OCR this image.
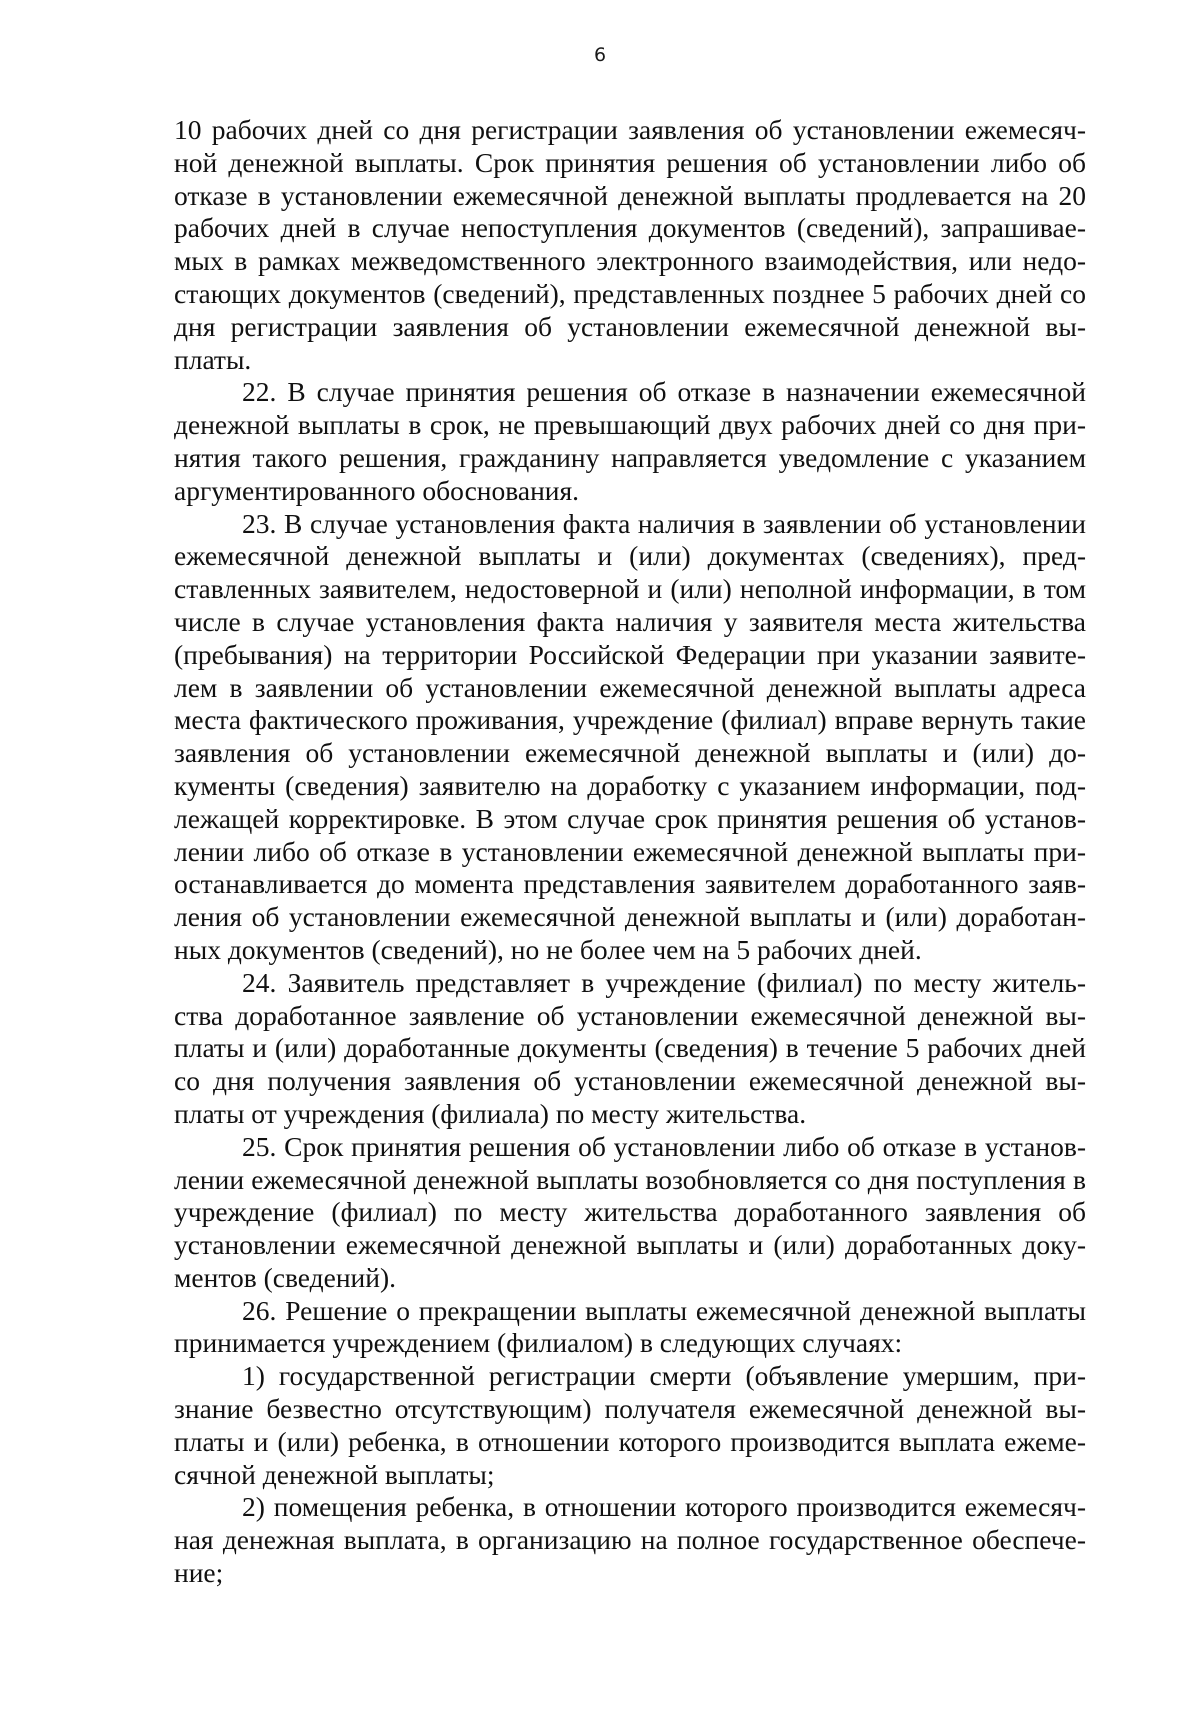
6

10 рабочих дней со дня регистрации заявления об установлении ежемесячной денежной выплаты. Срок принятия решения об установлении либо об отказе в установлении ежемесячной денежной выплаты продлевается на 20 рабочих дней в случае непоступления документов (сведений), запрашиваемых в рамках межведомственного электронного взаимодействия, или недостающих документов (сведений), представленных позднее 5 рабочих дней со дня регистрации заявления об установлении ежемесячной денежной выплаты.

22. В случае принятия решения об отказе в назначении ежемесячной денежной выплаты в срок, не превышающий двух рабочих дней со дня принятия такого решения, гражданину направляется уведомление с указанием аргументированного обоснования.

23. В случае установления факта наличия в заявлении об установлении ежемесячной денежной выплаты и (или) документах (сведениях), представленных заявителем, недостоверной и (или) неполной информации, в том числе в случае установления факта наличия у заявителя места жительства (пребывания) на территории Российской Федерации при указании заявителем в заявлении об установлении ежемесячной денежной выплаты адреса места фактического проживания, учреждение (филиал) вправе вернуть такие заявления об установлении ежемесячной денежной выплаты и (или) документы (сведения) заявителю на доработку с указанием информации, подлежащей корректировке. В этом случае срок принятия решения об установлении либо об отказе в установлении ежемесячной денежной выплаты приостанавливается до момента представления заявителем доработанного заявления об установлении ежемесячной денежной выплаты и (или) доработанных документов (сведений), но не более чем на 5 рабочих дней.

24. Заявитель представляет в учреждение (филиал) по месту жительства доработанное заявление об установлении ежемесячной денежной выплаты и (или) доработанные документы (сведения) в течение 5 рабочих дней со дня получения заявления об установлении ежемесячной денежной выплаты от учреждения (филиала) по месту жительства.

25. Срок принятия решения об установлении либо об отказе в установлении ежемесячной денежной выплаты возобновляется со дня поступления в учреждение (филиал) по месту жительства доработанного заявления об установлении ежемесячной денежной выплаты и (или) доработанных документов (сведений).

26. Решение о прекращении выплаты ежемесячной денежной выплаты принимается учреждением (филиалом) в следующих случаях:

1) государственной регистрации смерти (объявление умершим, признание безвестно отсутствующим) получателя ежемесячной денежной выплаты и (или) ребенка, в отношении которого производится выплата ежемесячной денежной выплаты;

2) помещения ребенка, в отношении которого производится ежемесячная денежная выплата, в организацию на полное государственное обеспечение;
